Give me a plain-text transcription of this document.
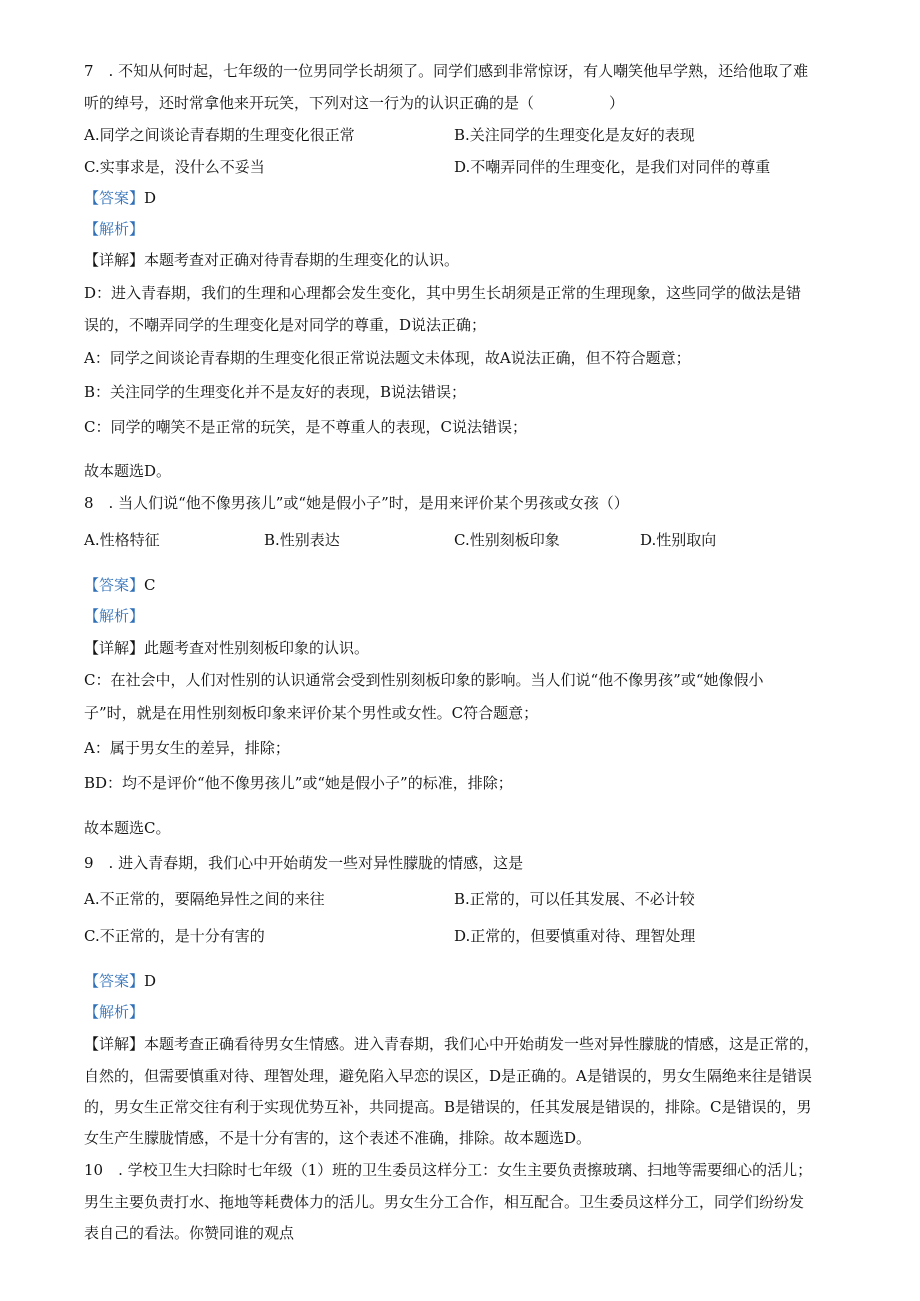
7　. 不知从何时起，七年级的一位男同学长胡须了。同学们感到非常惊讶，有人嘲笑他早学熟，还给他取了难
听的绰号，还时常拿他来开玩笑，下列对这一行为的认识正确的是（　　　　　）
A.同学之间谈论青春期的生理变化很正常	B.关注同学的生理变化是友好的表现
C.实事求是，没什么不妥当	D.不嘲弄同伴的生理变化，是我们对同伴的尊重
【答案】D
【解析】
【详解】本题考查对正确对待青春期的生理变化的认识。
D：进入青春期，我们的生理和心理都会发生变化，其中男生长胡须是正常的生理现象，这些同学的做法是错
误的，不嘲弄同学的生理变化是对同学的尊重，D说法正确；
A：同学之间谈论青春期的生理变化很正常说法题文未体现，故A说法正确，但不符合题意；
B：关注同学的生理变化并不是友好的表现，B说法错误；
C：同学的嘲笑不是正常的玩笑，是不尊重人的表现，C说法错误；
故本题选D。
8　. 当人们说“他不像男孩儿”或“她是假小子”时，是用来评价某个男孩或女孩（）
A.性格特征	B.性别表达	C.性别刻板印象	D.性别取向
【答案】C
【解析】
【详解】此题考查对性别刻板印象的认识。
C：在社会中，人们对性别的认识通常会受到性别刻板印象的影响。当人们说“他不像男孩”或“她像假小
子”时，就是在用性别刻板印象来评价某个男性或女性。C符合题意；
A：属于男女生的差异，排除；
BD：均不是评价“他不像男孩儿”或“她是假小子”的标准，排除；
故本题选C。
9　. 进入青春期，我们心中开始萌发一些对异性朦胧的情感，这是
A.不正常的，要隔绝异性之间的来往	B.正常的，可以任其发展、不必计较
C.不正常的，是十分有害的	D.正常的，但要慎重对待、理智处理
【答案】D
【解析】
【详解】本题考查正确看待男女生情感。进入青春期，我们心中开始萌发一些对异性朦胧的情感，这是正常的，
自然的，但需要慎重对待、理智处理，避免陷入早恋的误区，D是正确的。A是错误的，男女生隔绝来往是错误
的，男女生正常交往有利于实现优势互补，共同提高。B是错误的，任其发展是错误的，排除。C是错误的，男
女生产生朦胧情感，不是十分有害的，这个表述不准确，排除。故本题选D。
10　. 学校卫生大扫除时七年级（1）班的卫生委员这样分工：女生主要负责擦玻璃、扫地等需要细心的活儿；
男生主要负责打水、拖地等耗费体力的活儿。男女生分工合作，相互配合。卫生委员这样分工，同学们纷纷发
表自己的看法。你赞同谁的观点
